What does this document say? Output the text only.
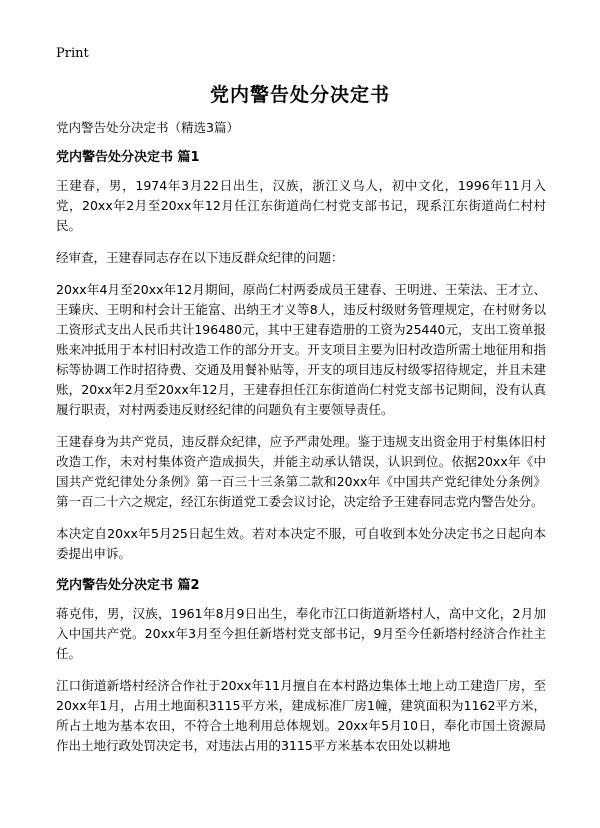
Print
党内警告处分决定书

党内警告处分决定书（精选3篇）

党内警告处分决定书 篇1

王建春，男，1974年3月22日出生，汉族，浙江义乌人，初中文化，1996年11月入党，20xx年2月至20xx年12月任江东街道尚仁村党支部书记，现系江东街道尚仁村村民。

经审查，王建春同志存在以下违反群众纪律的问题：

20xx年4月至20xx年12月期间，原尚仁村两委成员王建春、王明进、王荣法、王才立、王臻庆、王明和村会计王能富、出纳王才义等8人，违反村级财务管理规定，在村财务以工资形式支出人民币共计196480元，其中王建春造册的工资为25440元，支出工资单报账来冲抵用于本村旧村改造工作的部分开支。开支项目主要为旧村改造所需土地征用和指标等协调工作时招待费、交通及用餐补贴等，开支的项目违反村级零招待规定，并且未建账，20xx年2月至20xx年12月，王建春担任江东街道尚仁村党支部书记期间，没有认真履行职责，对村两委违反财经纪律的问题负有主要领导责任。

王建春身为共产党员，违反群众纪律，应予严肃处理。鉴于违规支出资金用于村集体旧村改造工作，未对村集体资产造成损失，并能主动承认错误，认识到位。依据20xx年《中国共产党纪律处分条例》第一百三十三条第二款和20xx年《中国共产党纪律处分条例》第一百二十六之规定，经江东街道党工委会议讨论，决定给予王建春同志党内警告处分。

本决定自20xx年5月25日起生效。若对本决定不服，可自收到本处分决定书之日起向本委提出申诉。

党内警告处分决定书 篇2

蒋克伟，男，汉族，1961年8月9日出生，奉化市江口街道新塔村人，高中文化，2月加入中国共产党。20xx年3月至今担任新塔村党支部书记，9月至今任新塔村经济合作社主任。

江口街道新塔村经济合作社于20xx年11月擅自在本村路边集体土地上动工建造厂房，至20xx年1月，占用土地面积3115平方米，建成标准厂房1幢，建筑面积为1162平方米，所占土地为基本农田，不符合土地利用总体规划。20xx年5月10日，奉化市国土资源局作出土地行政处罚决定书，对违法占用的3115平方米基本农田处以耕地
